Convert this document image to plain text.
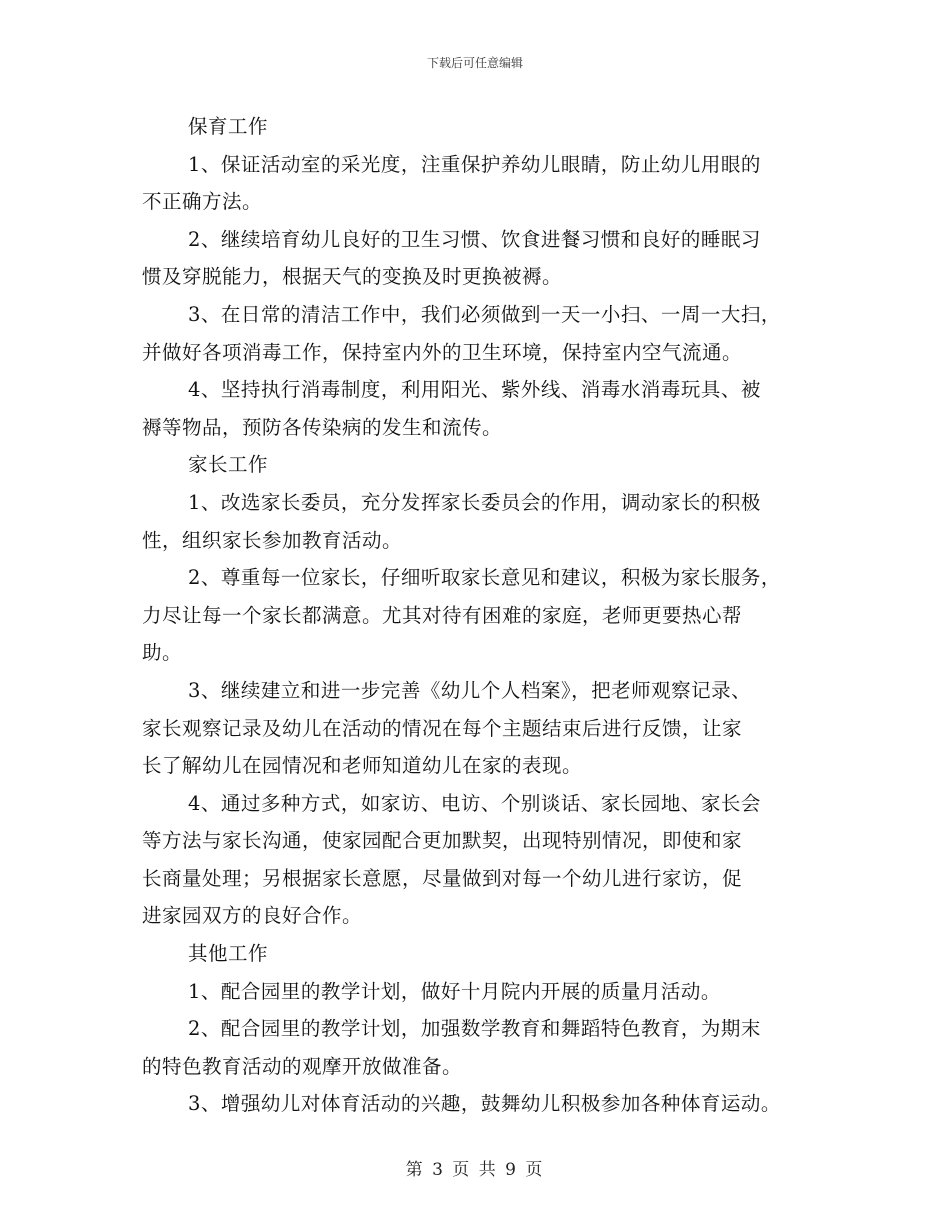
下载后可任意编辑
保育工作
1、保证活动室的采光度，注重保护养幼儿眼睛，防止幼儿用眼的
不正确方法。
2、继续培育幼儿良好的卫生习惯、饮食进餐习惯和良好的睡眠习
惯及穿脱能力，根据天气的变换及时更换被褥。
3、在日常的清洁工作中，我们必须做到一天一小扫、一周一大扫，
并做好各项消毒工作，保持室内外的卫生环境，保持室内空气流通。
4、坚持执行消毒制度，利用阳光、紫外线、消毒水消毒玩具、被
褥等物品，预防各传染病的发生和流传。
家长工作
1、改选家长委员，充分发挥家长委员会的作用，调动家长的积极
性，组织家长参加教育活动。
2、尊重每一位家长，仔细听取家长意见和建议，积极为家长服务，
力尽让每一个家长都满意。尤其对待有困难的家庭，老师更要热心帮
助。
3、继续建立和进一步完善《幼儿个人档案》，把老师观察记录、
家长观察记录及幼儿在活动的情况在每个主题结束后进行反馈，让家
长了解幼儿在园情况和老师知道幼儿在家的表现。
4、通过多种方式，如家访、电访、个别谈话、家长园地、家长会
等方法与家长沟通，使家园配合更加默契，出现特别情况，即使和家
长商量处理；另根据家长意愿，尽量做到对每一个幼儿进行家访，促
进家园双方的良好合作。
其他工作
1、配合园里的教学计划，做好十月院内开展的质量月活动。
2、配合园里的教学计划，加强数学教育和舞蹈特色教育，为期末
的特色教育活动的观摩开放做准备。
3、增强幼儿对体育活动的兴趣，鼓舞幼儿积极参加各种体育运动。
第 3 页 共 9 页
